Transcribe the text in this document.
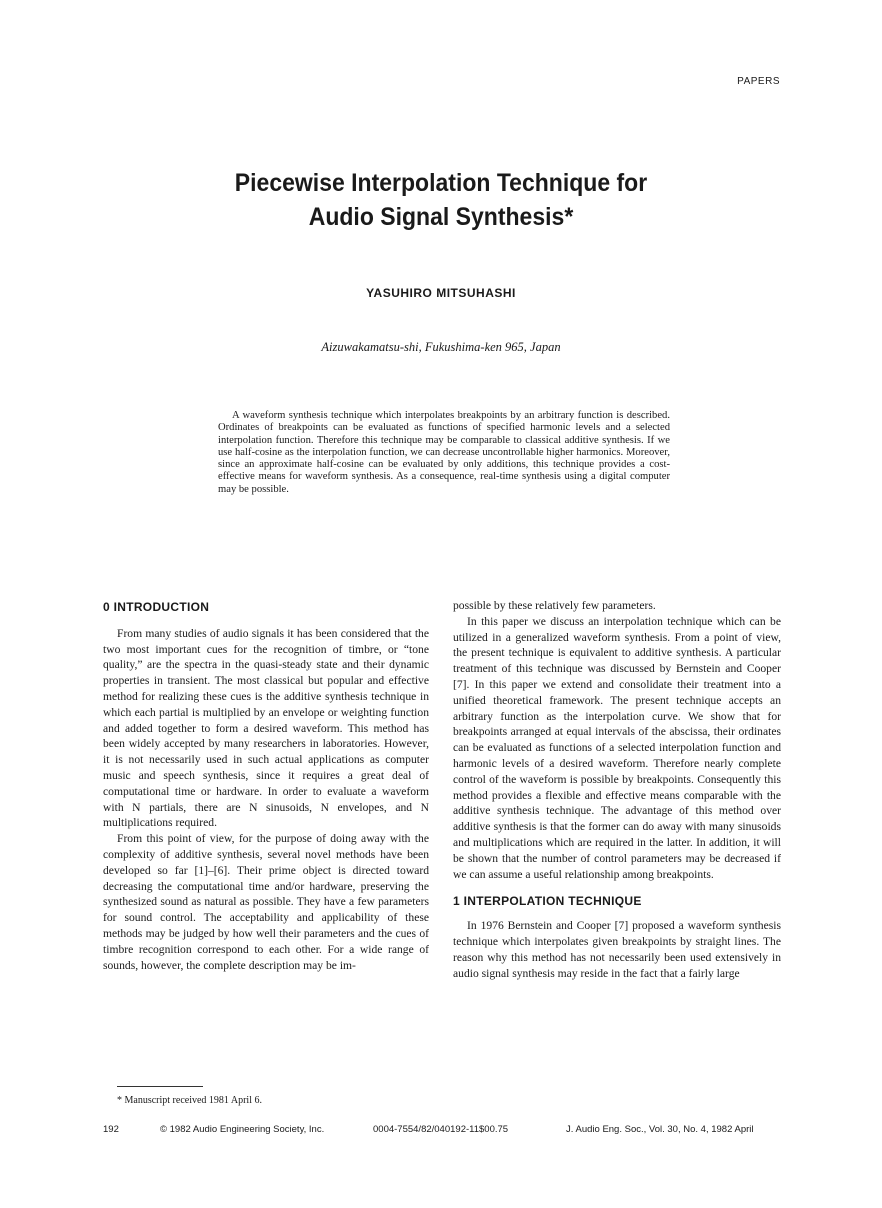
PAPERS
Piecewise Interpolation Technique for
Audio Signal Synthesis*
YASUHIRO MITSUHASHI
Aizuwakamatsu-shi, Fukushima-ken 965, Japan
A waveform synthesis technique which interpolates breakpoints by an arbitrary function is described. Ordinates of breakpoints can be evaluated as functions of specified harmonic levels and a selected interpolation function. Therefore this technique may be comparable to classical additive synthesis. If we use half-cosine as the interpolation function, we can decrease uncontrollable higher harmonics. Moreover, since an approximate half-cosine can be evaluated by only additions, this technique provides a cost-effective means for waveform synthesis. As a consequence, real-time synthesis using a digital computer may be possible.
0 INTRODUCTION

From many studies of audio signals it has been considered that the two most important cues for the recognition of timbre, or “tone quality,” are the spectra in the quasi-steady state and their dynamic properties in transient. The most classical but popular and effective method for realizing these cues is the additive synthesis technique in which each partial is multiplied by an envelope or weighting function and added together to form a desired waveform. This method has been widely accepted by many researchers in laboratories. However, it is not necessarily used in such actual applications as computer music and speech synthesis, since it requires a great deal of computational time or hardware. In order to evaluate a waveform with N partials, there are N sinusoids, N envelopes, and N multiplications required.

From this point of view, for the purpose of doing away with the complexity of additive synthesis, several novel methods have been developed so far [1]–[6]. Their prime object is directed toward decreasing the computational time and/or hardware, preserving the synthesized sound as natural as possible. They have a few parameters for sound control. The acceptability and applicability of these methods may be judged by how well their parameters and the cues of timbre recognition correspond to each other. For a wide range of sounds, however, the complete description may be im-

possible by these relatively few parameters.

In this paper we discuss an interpolation technique which can be utilized in a generalized waveform synthesis. From a point of view, the present technique is equivalent to additive synthesis. A particular treatment of this technique was discussed by Bernstein and Cooper [7]. In this paper we extend and consolidate their treatment into a unified theoretical framework. The present technique accepts an arbitrary function as the interpolation curve. We show that for breakpoints arranged at equal intervals of the abscissa, their ordinates can be evaluated as functions of a selected interpolation function and harmonic levels of a desired waveform. Therefore nearly complete control of the waveform is possible by breakpoints. Consequently this method provides a flexible and effective means comparable with the additive synthesis technique. The advantage of this method over additive synthesis is that the former can do away with many sinusoids and multiplications which are required in the latter. In addition, it will be shown that the number of control parameters may be decreased if we can assume a useful relationship among breakpoints.

1 INTERPOLATION TECHNIQUE

In 1976 Bernstein and Cooper [7] proposed a waveform synthesis technique which interpolates given breakpoints by straight lines. The reason why this method has not necessarily been used extensively in audio signal synthesis may reside in the fact that a fairly large

* Manuscript received 1981 April 6.
192	© 1982 Audio Engineering Society, Inc.	0004-7554/82/040192-11$00.75	J. Audio Eng. Soc., Vol. 30, No. 4, 1982 April
